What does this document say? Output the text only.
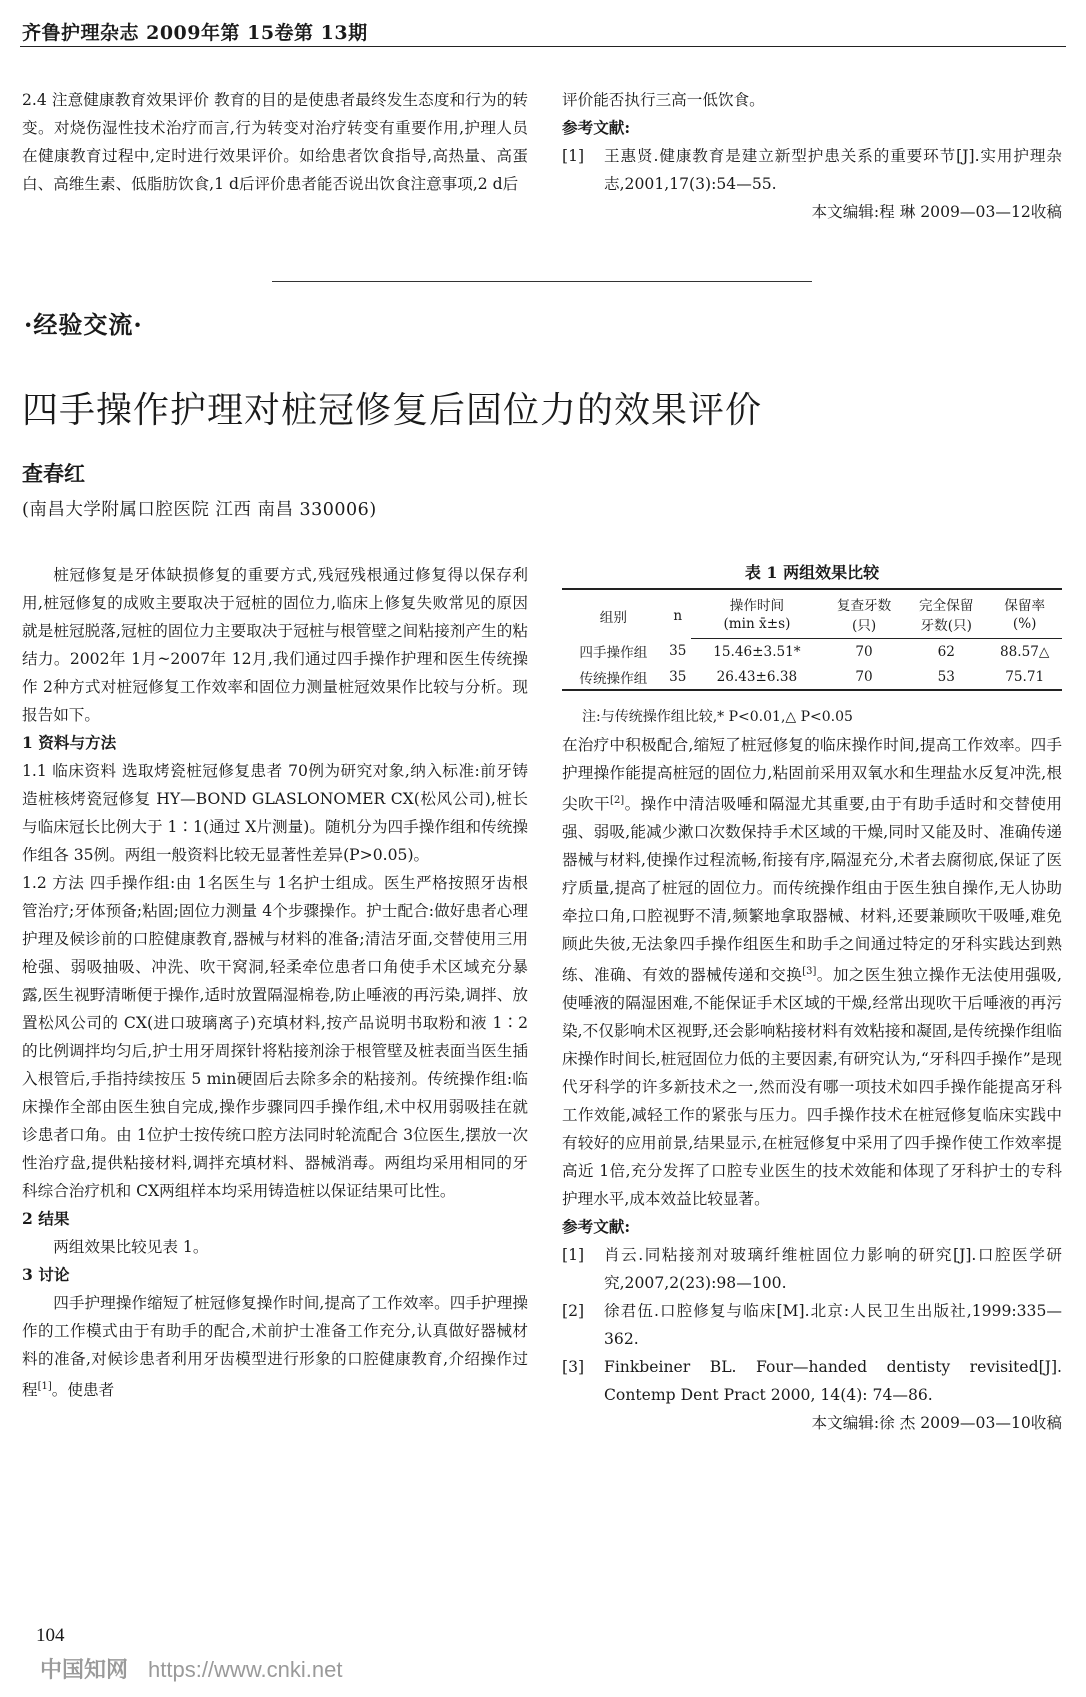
齐鲁护理杂志 2009年第 15卷第 13期

2.4 注意健康教育效果评价 教育的目的是使患者最终发生态度和行为的转变。对烧伤湿性技术治疗而言,行为转变对治疗转变有重要作用,护理人员在健康教育过程中,定时进行效果评价。如给患者饮食指导,高热量、高蛋白、高维生素、低脂肪饮食,1 d后评价患者能否说出饮食注意事项,2 d后

评价能否执行三高一低饮食。

参考文献:

[1]	王惠贤.健康教育是建立新型护患关系的重要环节[J].实用护理杂志,2001,17(3):54—55.

本文编辑:程 琳 2009—03—12收稿

·经验交流·
四手操作护理对桩冠修复后固位力的效果评价
查春红
(南昌大学附属口腔医院 江西 南昌 330006)

桩冠修复是牙体缺损修复的重要方式,残冠残根通过修复得以保存利用,桩冠修复的成败主要取决于冠桩的固位力,临床上修复失败常见的原因就是桩冠脱落,冠桩的固位力主要取决于冠桩与根管壁之间粘接剂产生的粘结力。2002年 1月~2007年 12月,我们通过四手操作护理和医生传统操作 2种方式对桩冠修复工作效率和固位力测量桩冠效果作比较与分析。现报告如下。

1 资料与方法

1.1 临床资料 选取烤瓷桩冠修复患者 70例为研究对象,纳入标准:前牙铸造桩核烤瓷冠修复 HY—BOND GLASLONOMER CX(松风公司),桩长与临床冠长比例大于 1∶1(通过 X片测量)。随机分为四手操作组和传统操作组各 35例。两组一般资料比较无显著性差异(P>0.05)。

1.2 方法 四手操作组:由 1名医生与 1名护士组成。医生严格按照牙齿根管治疗;牙体预备;粘固;固位力测量 4个步骤操作。护士配合:做好患者心理护理及候诊前的口腔健康教育,器械与材料的准备;清洁牙面,交替使用三用枪强、弱吸抽吸、冲洗、吹干窝洞,轻柔牵位患者口角使手术区域充分暴露,医生视野清晰便于操作,适时放置隔湿棉卷,防止唾液的再污染,调拌、放置松风公司的 CX(进口玻璃离子)充填材料,按产品说明书取粉和液 1∶2的比例调拌均匀后,护士用牙周探针将粘接剂涂于根管壁及桩表面当医生插入根管后,手指持续按压 5 min硬固后去除多余的粘接剂。传统操作组:临床操作全部由医生独自完成,操作步骤同四手操作组,术中权用弱吸挂在就诊患者口角。由 1位护士按传统口腔方法同时轮流配合 3位医生,摆放一次性治疗盘,提供粘接材料,调拌充填材料、器械消毒。两组均采用相同的牙科综合治疗机和 CX两组样本均采用铸造桩以保证结果可比性。

2 结果

两组效果比较见表 1。

3 讨论

四手护理操作缩短了桩冠修复操作时间,提高了工作效率。四手护理操作的工作模式由于有助手的配合,术前护士准备工作充分,认真做好器械材料的准备,对候诊患者利用牙齿模型进行形象的口腔健康教育,介绍操作过程[1]。使患者

表 1 两组效果比较
组别	n	操作时间	复查牙数	完全保留	保留率
		(min x̄±s)	(只)	牙数(只)	(%)
四手操作组	35	15.46±3.51*	70	62	88.57△
传统操作组	35	26.43±6.38	70	53	75.71
注:与传统操作组比较,* P<0.01,△ P<0.05

在治疗中积极配合,缩短了桩冠修复的临床操作时间,提高工作效率。四手护理操作能提高桩冠的固位力,粘固前采用双氧水和生理盐水反复冲洗,根尖吹干[2]。操作中清洁吸唾和隔湿尤其重要,由于有助手适时和交替使用强、弱吸,能减少漱口次数保持手术区域的干燥,同时又能及时、准确传递器械与材料,使操作过程流畅,衔接有序,隔湿充分,术者去腐彻底,保证了医疗质量,提高了桩冠的固位力。而传统操作组由于医生独自操作,无人协助牵拉口角,口腔视野不清,频繁地拿取器械、材料,还要兼顾吹干吸唾,难免顾此失彼,无法象四手操作组医生和助手之间通过特定的牙科实践达到熟练、准确、有效的器械传递和交换[3]。加之医生独立操作无法使用强吸,使唾液的隔湿困难,不能保证手术区域的干燥,经常出现吹干后唾液的再污染,不仅影响术区视野,还会影响粘接材料有效粘接和凝固,是传统操作组临床操作时间长,桩冠固位力低的主要因素,有研究认为,“牙科四手操作”是现代牙科学的许多新技术之一,然而没有哪一项技术如四手操作能提高牙科工作效能,减轻工作的紧张与压力。四手操作技术在桩冠修复临床实践中有较好的应用前景,结果显示,在桩冠修复中采用了四手操作使工作效率提高近 1倍,充分发挥了口腔专业医生的技术效能和体现了牙科护士的专科护理水平,成本效益比较显著。

参考文献:

[1]	肖云.同粘接剂对玻璃纤维桩固位力影响的研究[J].口腔医学研究,2007,2(23):98—100.
[2]	徐君伍.口腔修复与临床[M].北京:人民卫生出版社,1999:335—362.
[3]	Finkbeiner BL. Four—handed dentisty revisited[J]. Contemp Dent Pract 2000, 14(4): 74—86.

本文编辑:徐 杰 2009—03—10收稿

104
中国知网 https://www.cnki.net
